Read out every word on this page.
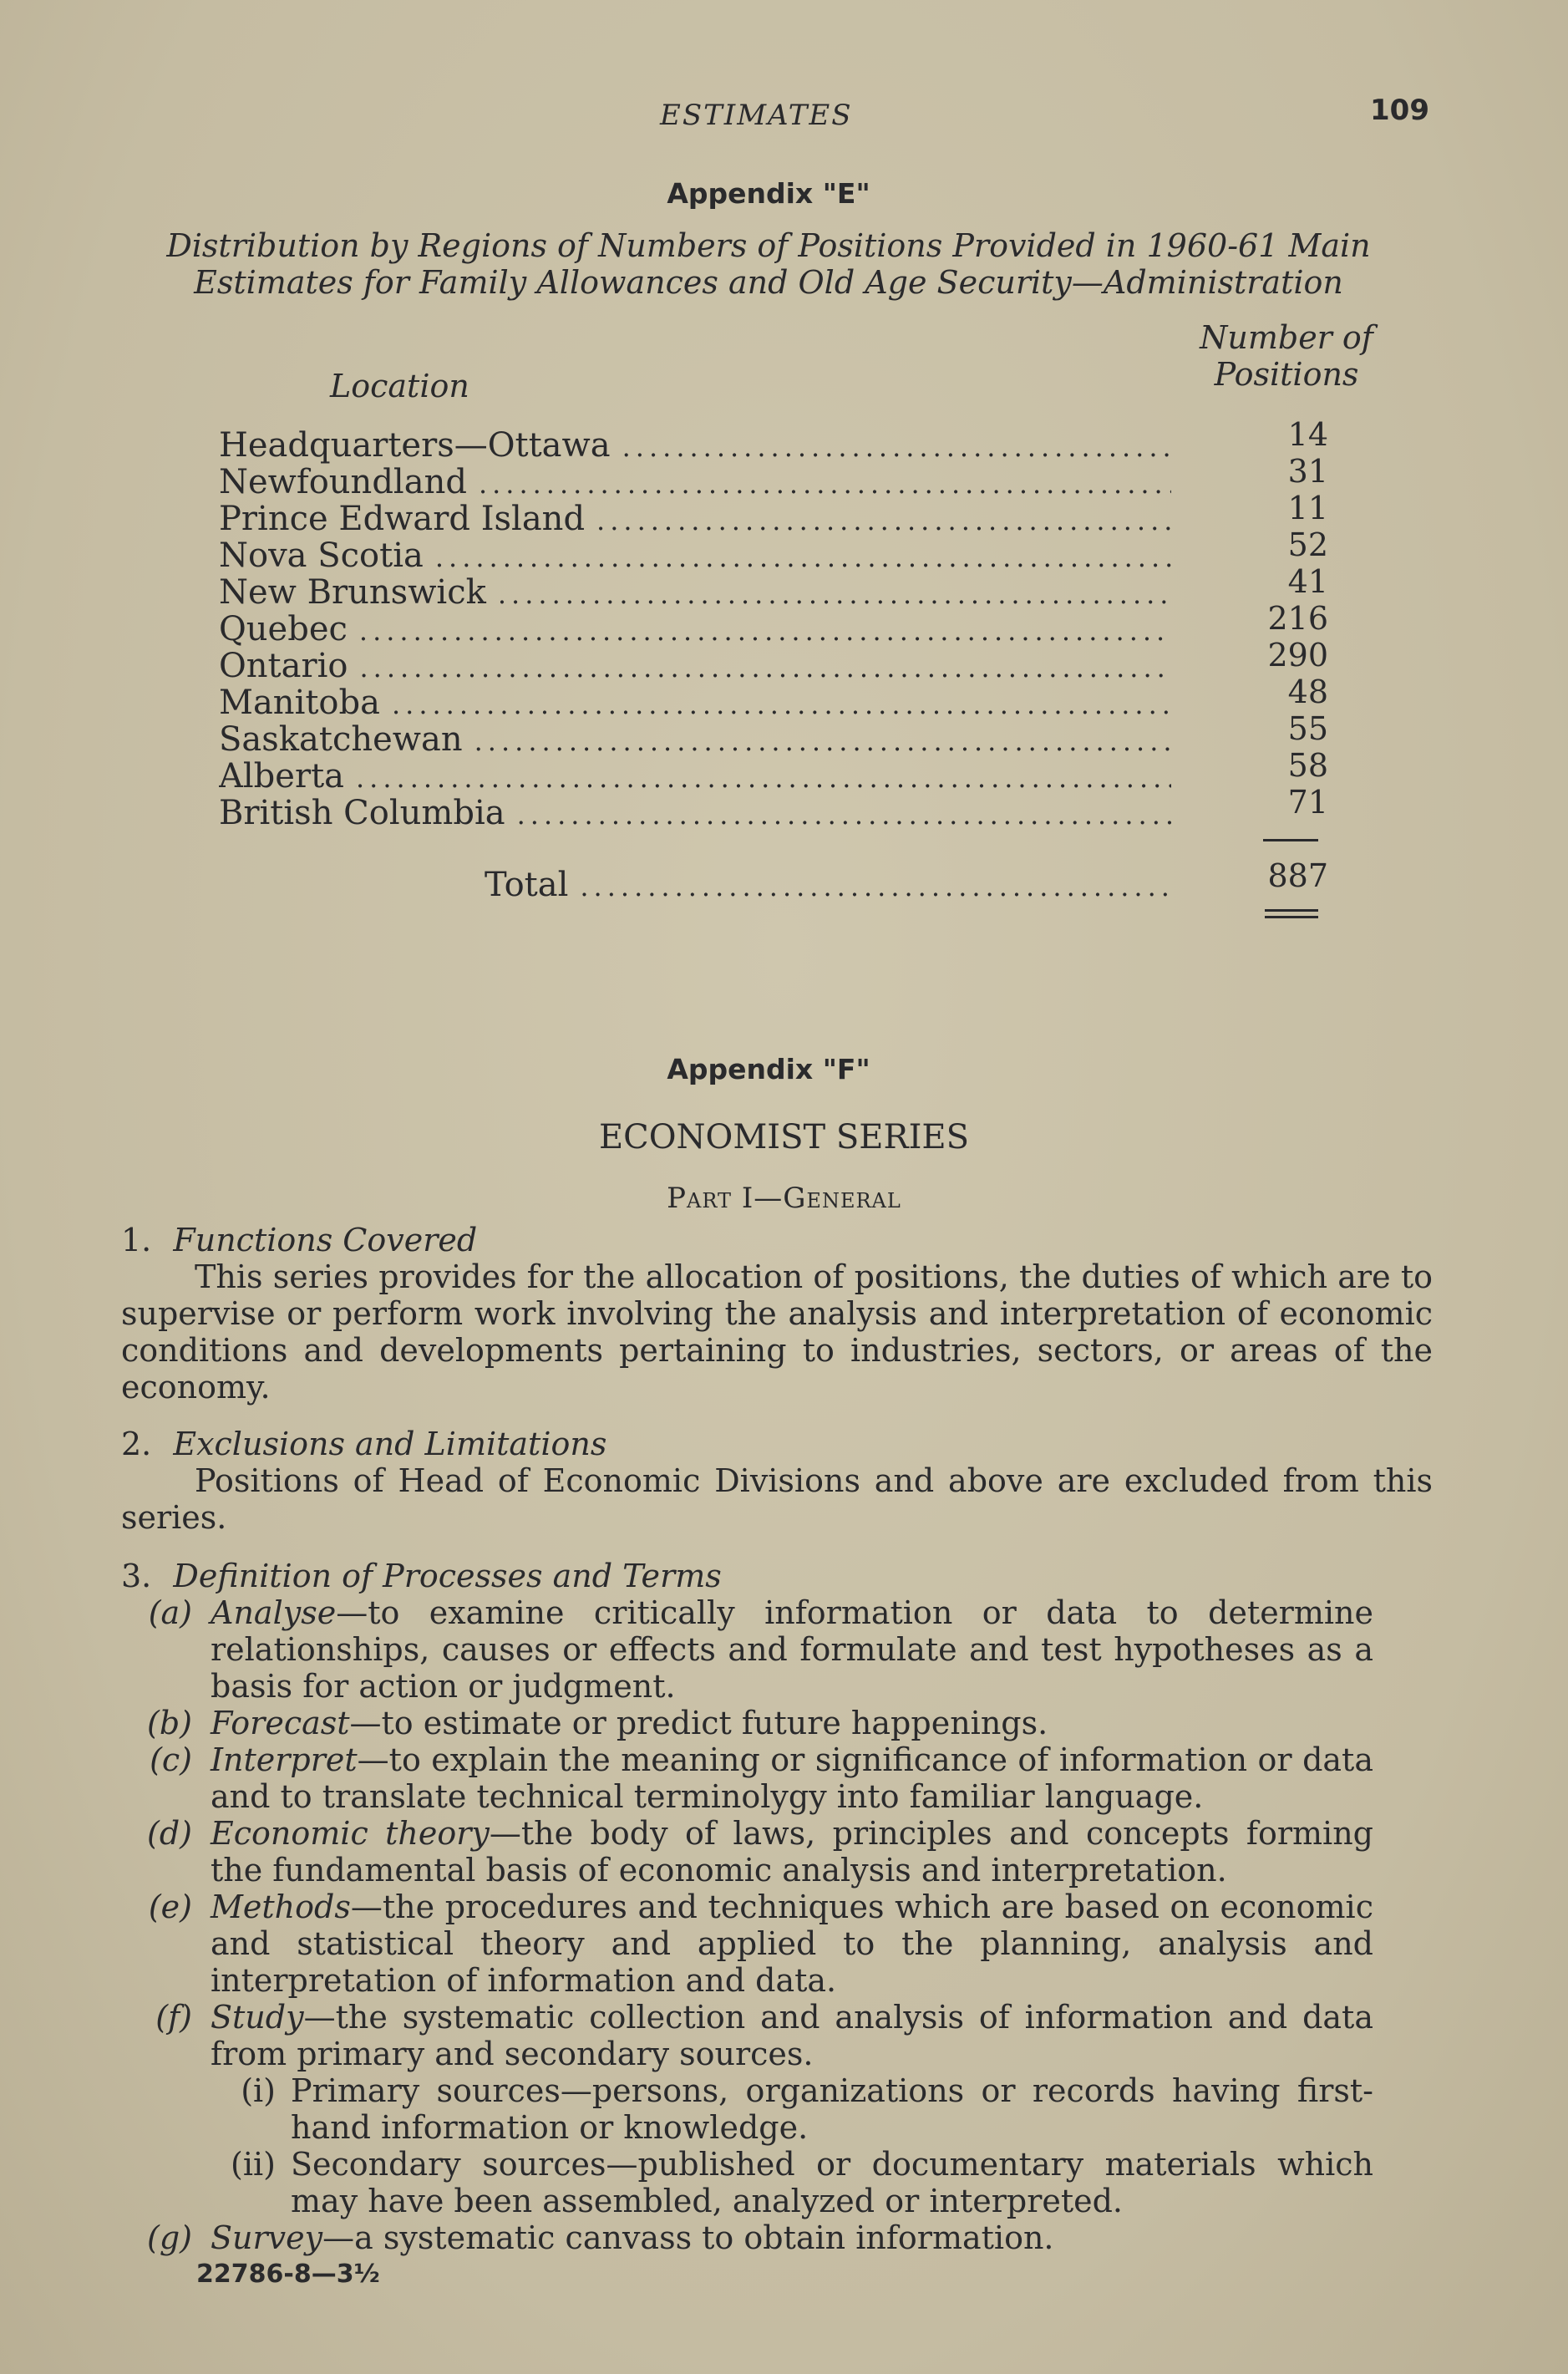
ESTIMATES	109
Appendix "E"
Distribution by Regions of Numbers of Positions Provided in 1960-61 Main
Estimates for Family Allowances and Old Age Security—Administration
Location
Number of
Positions
Headquarters—Ottawa .....	14
Newfoundland .....	31
Prince Edward Island .....	11
Nova Scotia .....	52
New Brunswick .....	41
Quebec .....	216
Ontario .....	290
Manitoba .....	48
Saskatchewan .....	55
Alberta .....	58
British Columbia .....	71
Total .....	887
Appendix "F"
ECONOMIST SERIES
Part I—General
1. Functions Covered
This series provides for the allocation of positions, the duties of which are to supervise or perform work involving the analysis and interpretation of economic conditions and developments pertaining to industries, sectors, or areas of the economy.
2. Exclusions and Limitations
Positions of Head of Economic Divisions and above are excluded from this series.
3. Definition of Processes and Terms
(a) Analyse—to examine critically information or data to determine relationships, causes or effects and formulate and test hypotheses as a basis for action or judgment.
(b) Forecast—to estimate or predict future happenings.
(c) Interpret—to explain the meaning or significance of information or data and to translate technical terminolygy into familiar language.
(d) Economic theory—the body of laws, principles and concepts forming the fundamental basis of economic analysis and interpretation.
(e) Methods—the procedures and techniques which are based on economic and statistical theory and applied to the planning, analysis and interpretation of information and data.
(f) Study—the systematic collection and analysis of information and data from primary and secondary sources.
(i) Primary sources—persons, organizations or records having first-hand information or knowledge.
(ii) Secondary sources—published or documentary materials which may have been assembled, analyzed or interpreted.
(g) Survey—a systematic canvass to obtain information.
22786-8—3½
